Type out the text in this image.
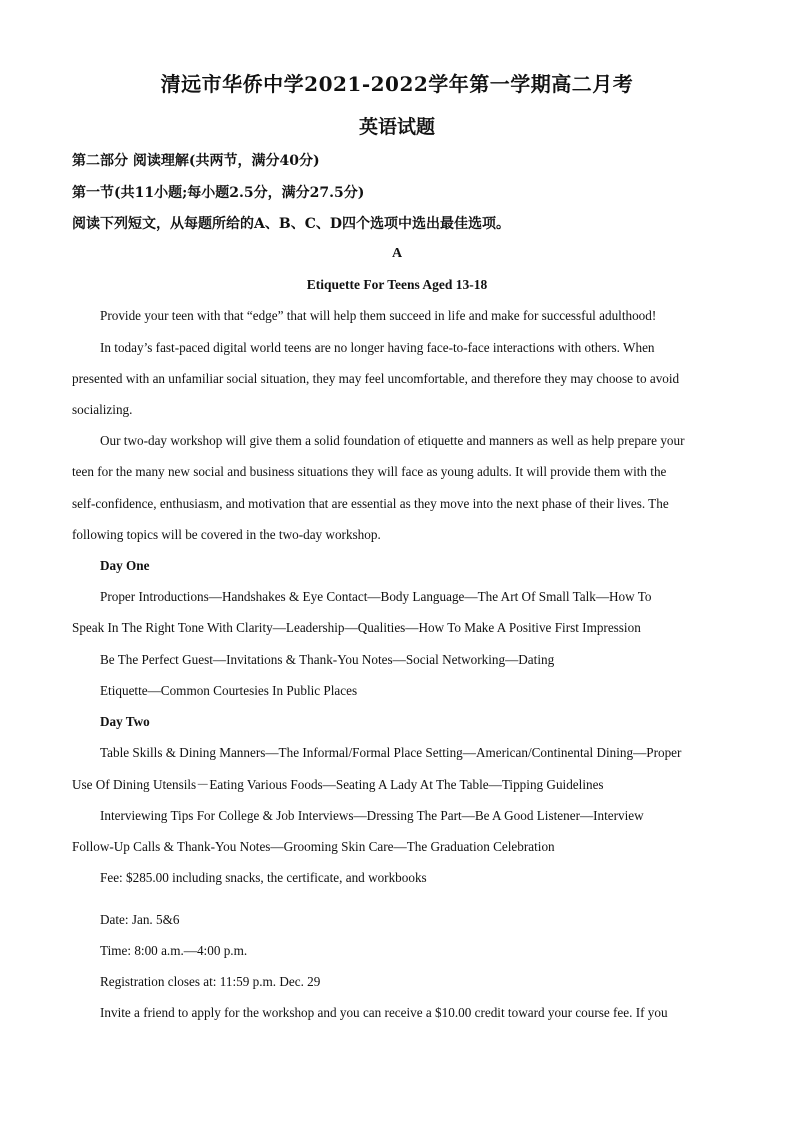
清远市华侨中学2021-2022学年第一学期高二月考
英语试题
第二部分 阅读理解(共两节，满分40分)
第一节(共11小题;每小题2.5分，满分27.5分)
阅读下列短文，从每题所给的A、B、C、D四个选项中选出最佳选项。
A
Etiquette For Teens Aged 13-18
Provide your teen with that “edge” that will help them succeed in life and make for successful adulthood!
In today’s fast-paced digital world teens are no longer having face-to-face interactions with others. When
presented with an unfamiliar social situation, they may feel uncomfortable, and therefore they may choose to avoid
socializing.
Our two-day workshop will give them a solid foundation of etiquette and manners as well as help prepare your
teen for the many new social and business situations they will face as young adults. It will provide them with the
self-confidence, enthusiasm, and motivation that are essential as they move into the next phase of their lives. The
following topics will be covered in the two-day workshop.
Day One
Proper Introductions—Handshakes & Eye Contact—Body Language—The Art Of Small Talk—How To
Speak In The Right Tone With Clarity—Leadership—Qualities—How To Make A Positive First Impression
Be The Perfect Guest—Invitations & Thank-You Notes—Social Networking—Dating
Etiquette—Common Courtesies In Public Places
Day Two
Table Skills & Dining Manners—The Informal/Formal Place Setting—American/Continental Dining—Proper
Use Of Dining Utensils－Eating Various Foods—Seating A Lady At The Table—Tipping Guidelines
Interviewing Tips For College & Job Interviews—Dressing The Part—Be A Good Listener—Interview
Follow-Up Calls & Thank-You Notes—Grooming Skin Care—The Graduation Celebration
Fee: $285.00 including snacks, the certificate, and workbooks
Date: Jan. 5&6
Time: 8:00 a.m.—4:00 p.m.
Registration closes at: 11:59 p.m. Dec. 29
Invite a friend to apply for the workshop and you can receive a $10.00 credit toward your course fee. If you
